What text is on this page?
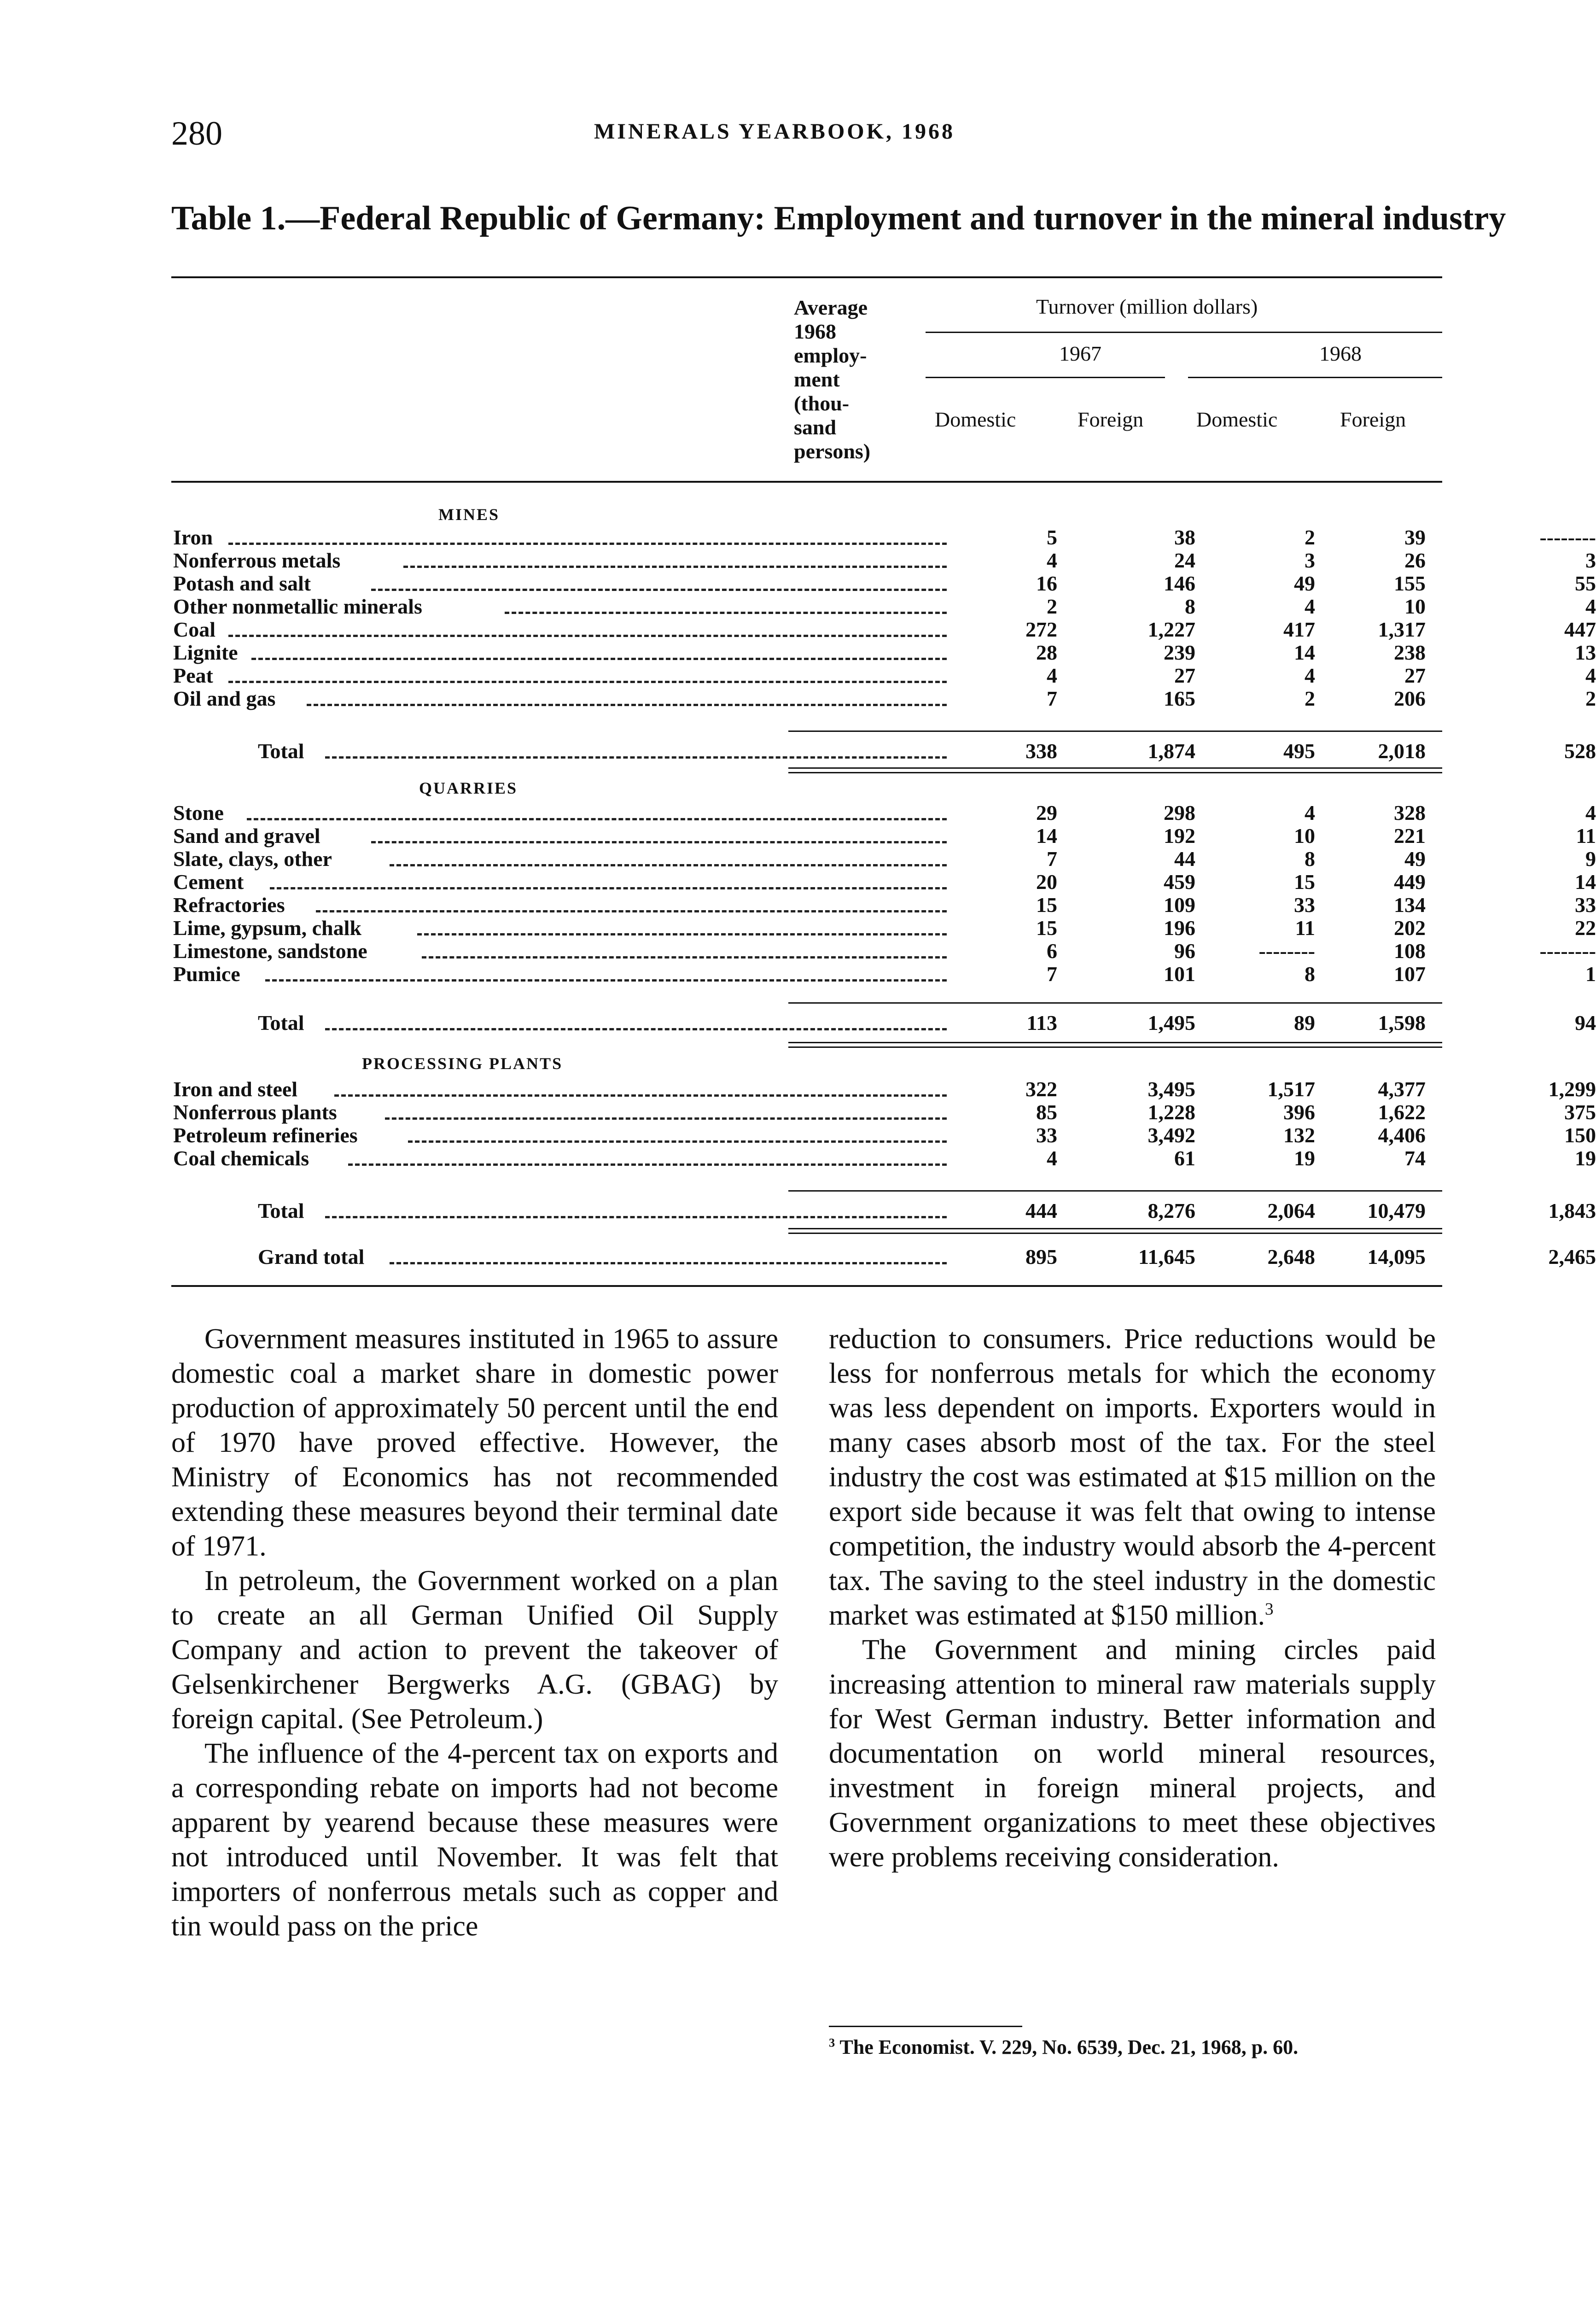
280	MINERALS YEARBOOK, 1968
Table 1.—Federal Republic of Germany: Employment and turnover in the mineral industry
Average
1968
employ-
ment
(thou-
sand
persons)
Turnover (million dollars)
1967	1968
Domestic	Foreign Domestic	Foreign
MINES
QUARRIES
PROCESSING PLANTS
Iron	5	38	2	39	--------
Nonferrous metals	4	24	3	26	3
Potash and salt	16	146	49	155	55
Other nonmetallic minerals	2	8	4	10	4
Coal	272	1,227	417	1,317	447
Lignite	28	239	14	238	13
Peat	4	27	4	27	4
Oil and gas	7	165	2	206	2
Total	338	1,874	495	2,018	528
Stone	29	298	4	328	4
Sand and gravel	14	192	10	221	11
Slate, clays, other	7	44	8	49	9
Cement	20	459	15	449	14
Refractories	15	109	33	134	33
Lime, gypsum, chalk	15	196	11	202	22
Limestone, sandstone	6	96	--------	108	--------
Pumice	7	101	8	107	1
Total	113	1,495	89	1,598	94
Iron and steel	322	3,495	1,517	4,377	1,299
Nonferrous plants	85	1,228	396	1,622	375
Petroleum refineries	33	3,492	132	4,406	150
Coal chemicals	4	61	19	74	19
Total	444	8,276	2,064	10,479	1,843
Grand total	895	11,645	2,648	14,095	2,465

Government measures instituted in 1965 to assure domestic coal a market share in domestic power production of approximately 50 percent until the end of 1970 have proved effective. However, the Ministry of Economics has not recommended extending these measures beyond their terminal date of 1971.

In petroleum, the Government worked on a plan to create an all German Unified Oil Supply Company and action to prevent the takeover of Gelsenkirchener Bergwerks A.G. (GBAG) by foreign capital. (See Petroleum.)

The influence of the 4-percent tax on exports and a corresponding rebate on imports had not become apparent by yearend because these measures were not introduced until November. It was felt that importers of nonferrous metals such as copper and tin would pass on the price

reduction to consumers. Price reductions would be less for nonferrous metals for which the economy was less dependent on imports. Exporters would in many cases absorb most of the tax. For the steel industry the cost was estimated at $15 million on the export side because it was felt that owing to intense competition, the industry would absorb the 4-percent tax. The saving to the steel industry in the domestic market was estimated at $150 million.$^3$

The Government and mining circles paid increasing attention to mineral raw materials supply for West German industry. Better information and documentation on world mineral resources, investment in foreign mineral projects, and Government organizations to meet these objectives were problems receiving consideration.

$^3$ The Economist. V. 229, No. 6539, Dec. 21, 1968, p. 60.
